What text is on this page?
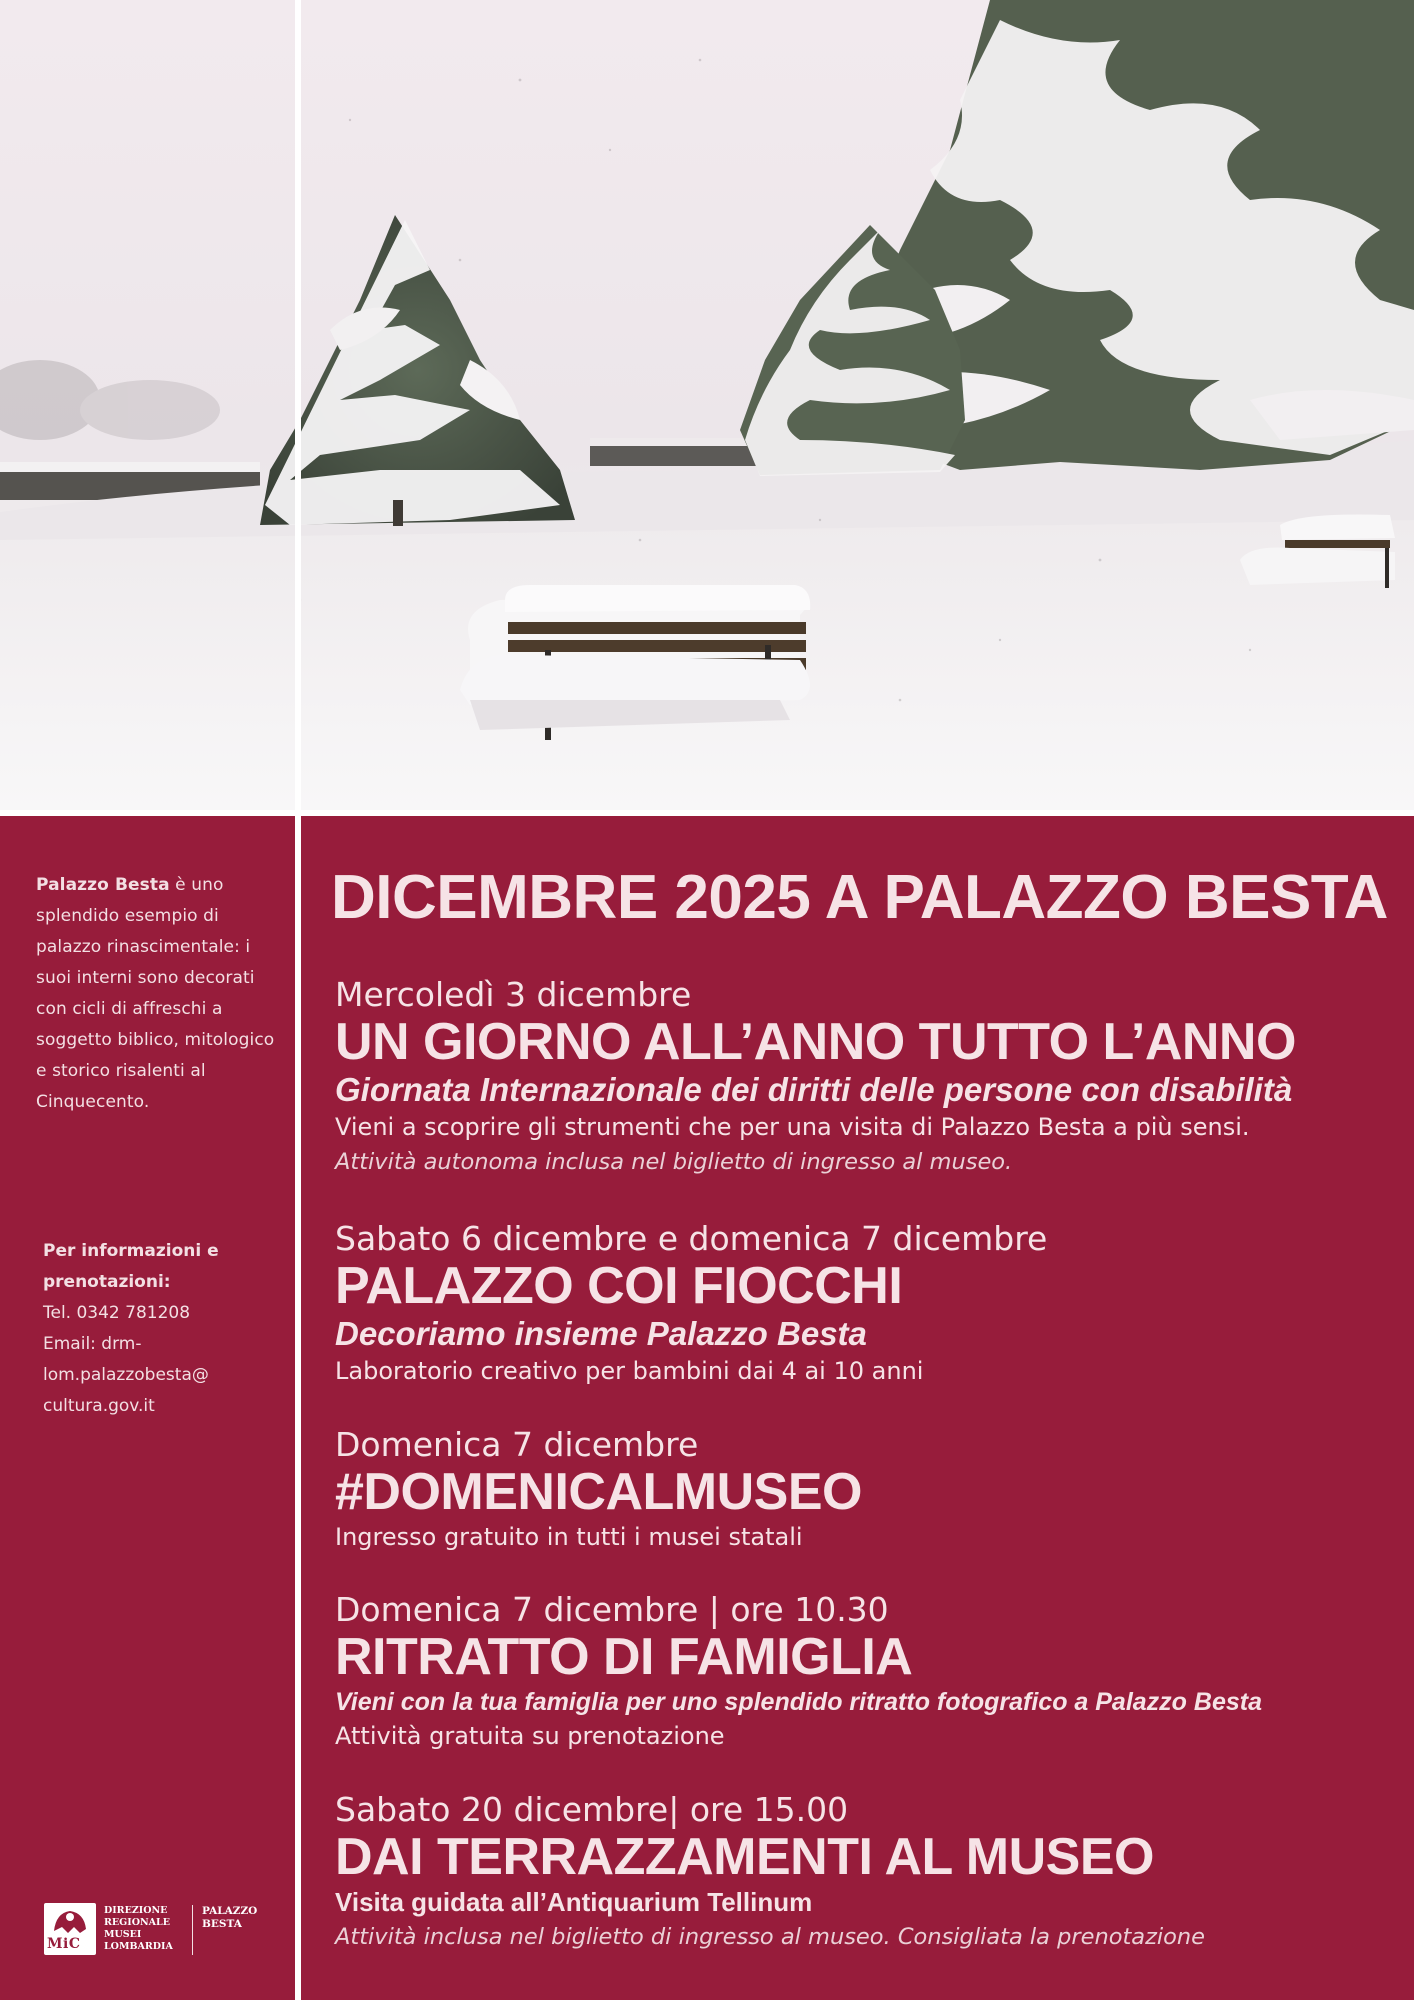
Palazzo Besta è uno splendido esempio di palazzo rinascimentale: i suoi interni sono decorati con cicli di affreschi a soggetto biblico, mitologico e storico risalenti al Cinquecento.

Per informazioni e prenotazioni:
Tel. 0342 781208
Email: drm-
lom.palazzobesta@
cultura.gov.it
MiC
DIREZIONE
REGIONALE
MUSEI
LOMBARDIA
PALAZZO
BESTA
DICEMBRE 2025 A PALAZZO BESTA
Mercoledì 3 dicembre
UN GIORNO ALL’ANNO TUTTO L’ANNO
Giornata Internazionale dei diritti delle persone con disabilità
Vieni a scoprire gli strumenti che per una visita di Palazzo Besta a più sensi.
Attività autonoma inclusa nel biglietto di ingresso al museo.
Sabato 6 dicembre e domenica 7 dicembre
PALAZZO COI FIOCCHI
Decoriamo insieme Palazzo Besta
Laboratorio creativo per bambini dai 4 ai 10 anni
Domenica 7 dicembre
#DOMENICALMUSEO
Ingresso gratuito in tutti i musei statali
Domenica 7 dicembre | ore 10.30
RITRATTO DI FAMIGLIA
Vieni con la tua famiglia per uno splendido ritratto fotografico a Palazzo Besta
Attività gratuita su prenotazione
Sabato 20 dicembre| ore 15.00
DAI TERRAZZAMENTI AL MUSEO
Visita guidata all’Antiquarium Tellinum
Attività inclusa nel biglietto di ingresso al museo. Consigliata la prenotazione
